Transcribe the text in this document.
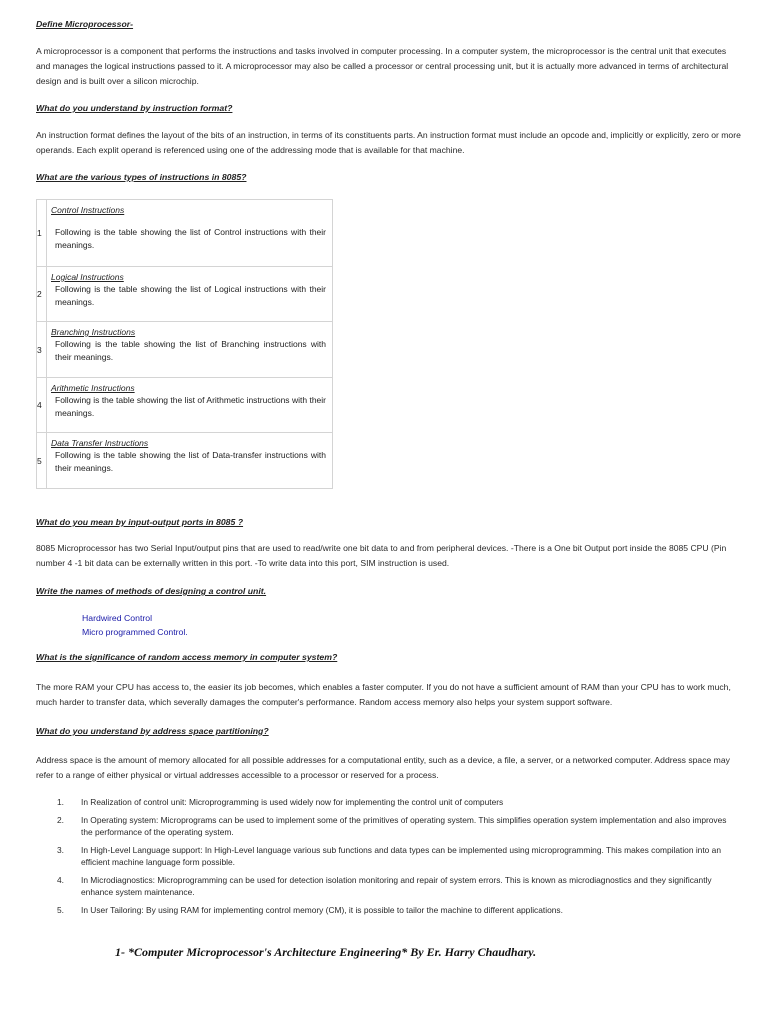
Define Microprocessor-

A microprocessor is a component that performs the instructions and tasks involved in computer processing. In a computer system, the microprocessor is the central unit that executes and manages the logical instructions passed to it. A microprocessor may also be called a processor or central processing unit, but it is actually more advanced in terms of architectural design and is built over a silicon microchip.

What do you understand by instruction format?

An instruction format defines the layout of the bits of an instruction, in terms of its constituents parts. An instruction format must include an opcode and, implicitly or explicitly, zero or more operands. Each explit operand is referenced using one of the addressing mode that is available for that machine.

What are the various types of instructions in 8085?
1	Control Instructions
Following is the table showing the list of Control instructions with their meanings.

2	Logical Instructions
Following is the table showing the list of Logical instructions with their meanings.

3	Branching Instructions
Following is the table showing the list of Branching instructions with their meanings.

4	Arithmetic Instructions
Following is the table showing the list of Arithmetic instructions with their meanings.

5	Data Transfer Instructions
Following is the table showing the list of Data-transfer instructions with their meanings.
What do you mean by input-output ports in 8085 ?

8085 Microprocessor has two Serial Input/output pins that are used to read/write one bit data to and from peripheral devices. -There is a One bit Output port inside the 8085 CPU (Pin number 4 -1 bit data can be externally written in this port. -To write data into this port, SIM instruction is used.

Write the names of methods of designing a control unit.
Hardwired Control
Micro programmed Control.
What is the significance of random access memory in computer system?

The more RAM your CPU has access to, the easier its job becomes, which enables a faster computer. If you do not have a sufficient amount of RAM than your CPU has to work much, much harder to transfer data, which severally damages the computer's performance. Random access memory also helps your system support software.

What do you understand by address space partitioning?

Address space is the amount of memory allocated for all possible addresses for a computational entity, such as a device, a file, a server, or a networked computer. Address space may refer to a range of either physical or virtual addresses accessible to a processor or reserved for a process.

1. In Realization of control unit: Microprogramming is used widely now for implementing the control unit of computers
2. In Operating system: Microprograms can be used to implement some of the primitives of operating system. This simplifies operation system implementation and also improves the performance of the operating system.
3. In High-Level Language support: In High-Level language various sub functions and data types can be implemented using microprogramming. This makes compilation into an efficient machine language form possible.
4. In Microdiagnostics: Microprogramming can be used for detection isolation monitoring and repair of system errors. This is known as microdiagnostics and they significantly enhance system maintenance.
5. In User Tailoring: By using RAM for implementing control memory (CM), it is possible to tailor the machine to different applications.
1- *Computer Microprocessor's Architecture Engineering* By Er. Harry Chaudhary.
